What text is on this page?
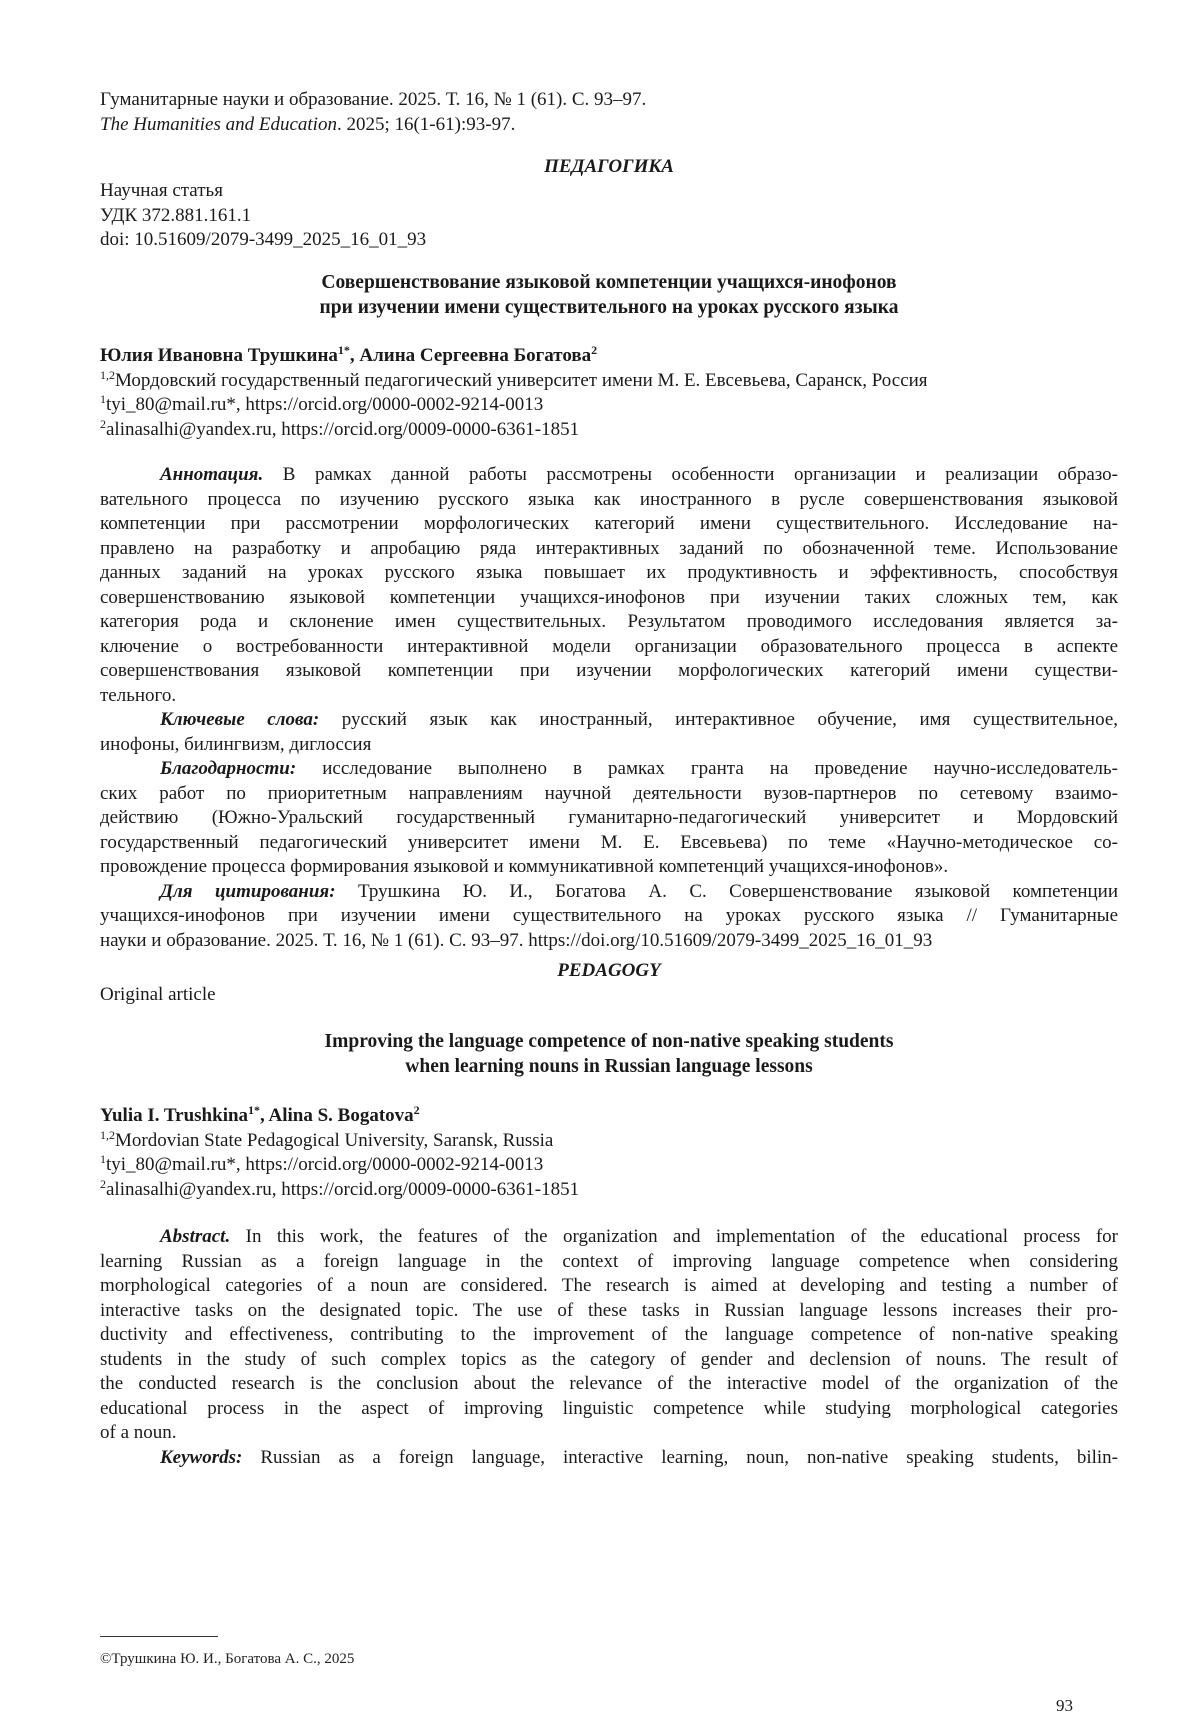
Гуманитарные науки и образование. 2025. Т. 16, № 1 (61). С. 93–97.
The Humanities and Education. 2025; 16(1-61):93-97.
ПЕДАГОГИКА
Научная статья
УДК 372.881.161.1
doi: 10.51609/2079-3499_2025_16_01_93
Совершенствование языковой компетенции учащихся-инофонов
при изучении имени существительного на уроках русского языка
Юлия Ивановна Трушкина$^{1*}$, Алина Сергеевна Богатова$^2$
$^{1,2}$Мордовский государственный педагогический университет имени М. Е. Евсевьева, Саранск, Россия
$^1$tyi_80@mail.ru*, https://orcid.org/0000-0002-9214-0013
$^2$alinasalhi@yandex.ru, https://orcid.org/0009-0000-6361-1851
Аннотация. В рамках данной работы рассмотрены особенности организации и реализации образо-
вательного процесса по изучению русского языка как иностранного в русле совершенствования языковой
компетенции при рассмотрении морфологических категорий имени существительного. Исследование на-
правлено на разработку и апробацию ряда интерактивных заданий по обозначенной теме. Использование
данных заданий на уроках русского языка повышает их продуктивность и эффективность, способствуя
совершенствованию языковой компетенции учащихся-инофонов при изучении таких сложных тем, как
категория рода и склонение имен существительных. Результатом проводимого исследования является за-
ключение о востребованности интерактивной модели организации образовательного процесса в аспекте
совершенствования языковой компетенции при изучении морфологических категорий имени существи-
тельного.
Ключевые слова: русский язык как иностранный, интерактивное обучение, имя существительное,
инофоны, билингвизм, диглоссия
Благодарности: исследование выполнено в рамках гранта на проведение научно-исследователь-
ских работ по приоритетным направлениям научной деятельности вузов-партнеров по сетевому взаимо-
действию (Южно-Уральский государственный гуманитарно-педагогический университет и Мордовский
государственный педагогический университет имени М. Е. Евсевьева) по теме «Научно-методическое со-
провождение процесса формирования языковой и коммуникативной компетенций учащихся-инофонов».
Для цитирования: Трушкина Ю. И., Богатова А. С. Совершенствование языковой компетенции
учащихся-инофонов при изучении имени существительного на уроках русского языка // Гуманитарные
науки и образование. 2025. Т. 16, № 1 (61). С. 93–97. https://doi.org/10.51609/2079-3499_2025_16_01_93
PEDAGOGY
Original article
Improving the language competence of non-native speaking students
when learning nouns in Russian language lessons
Yulia I. Trushkina$^{1*}$, Alina S. Bogatova$^2$
$^{1,2}$Mordovian State Pedagogical University, Saransk, Russia
$^1$tyi_80@mail.ru*, https://orcid.org/0000-0002-9214-0013
$^2$alinasalhi@yandex.ru, https://orcid.org/0009-0000-6361-1851
Abstract. In this work, the features of the organization and implementation of the educational process for
learning Russian as a foreign language in the context of improving language competence when considering
morphological categories of a noun are considered. The research is aimed at developing and testing a number of
interactive tasks on the designated topic. The use of these tasks in Russian language lessons increases their pro-
ductivity and effectiveness, contributing to the improvement of the language competence of non-native speaking
students in the study of such complex topics as the category of gender and declension of nouns. The result of
the conducted research is the conclusion about the relevance of the interactive model of the organization of the
educational process in the aspect of improving linguistic competence while studying morphological categories
of a noun.
Keywords: Russian as a foreign language, interactive learning, noun, non-native speaking students, bilin-
©Трушкина Ю. И., Богатова А. С., 2025
93
